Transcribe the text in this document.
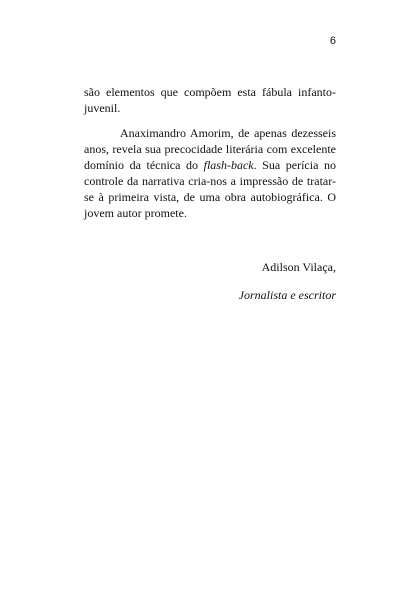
6

são elementos que compõem esta fábula infanto-juvenil.

Anaximandro Amorim, de apenas dezesseis anos, revela sua precocidade literária com excelente domínio da técnica do flash-back. Sua perícia no controle da narrativa cria-nos a impressão de tratar-se à primeira vista, de uma obra autobiográfica. O jovem autor promete.

Adilson Vilaça,
Jornalista e escritor
